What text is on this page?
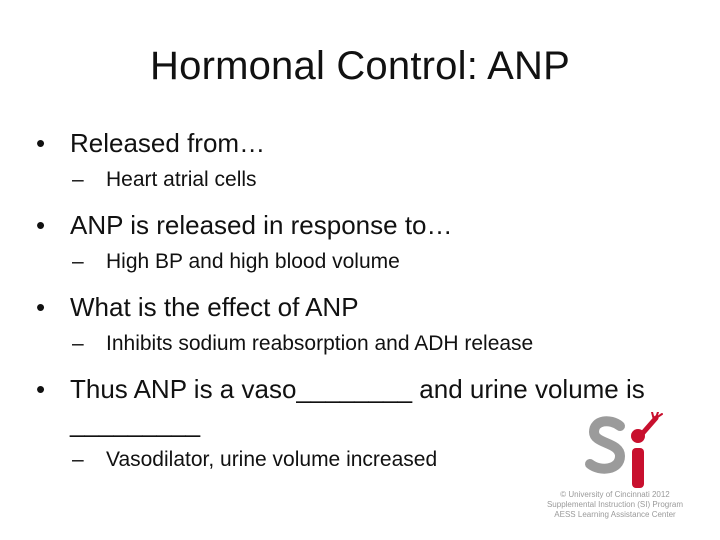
Hormonal Control: ANP
• Released from…
– Heart atrial cells
• ANP is released in response to…
– High BP and high blood volume
• What is the effect of ANP
– Inhibits sodium reabsorption and ADH release
• Thus ANP is a vaso________ and urine volume is _________
– Vasodilator, urine volume increased
© University of Cincinnati 2012
Supplemental Instruction (SI) Program
AESS Learning Assistance Center
